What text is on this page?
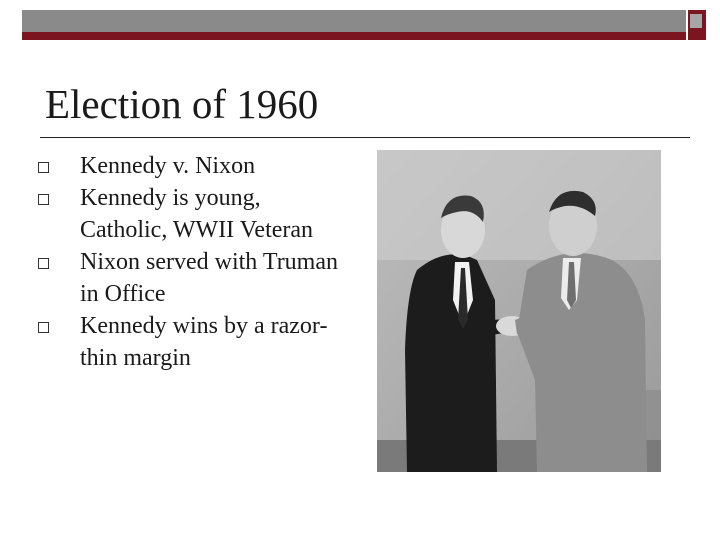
Election of 1960
Kennedy v. Nixon
Kennedy is young, Catholic, WWII Veteran
Nixon served with Truman in Office
Kennedy wins by a razor-thin margin
